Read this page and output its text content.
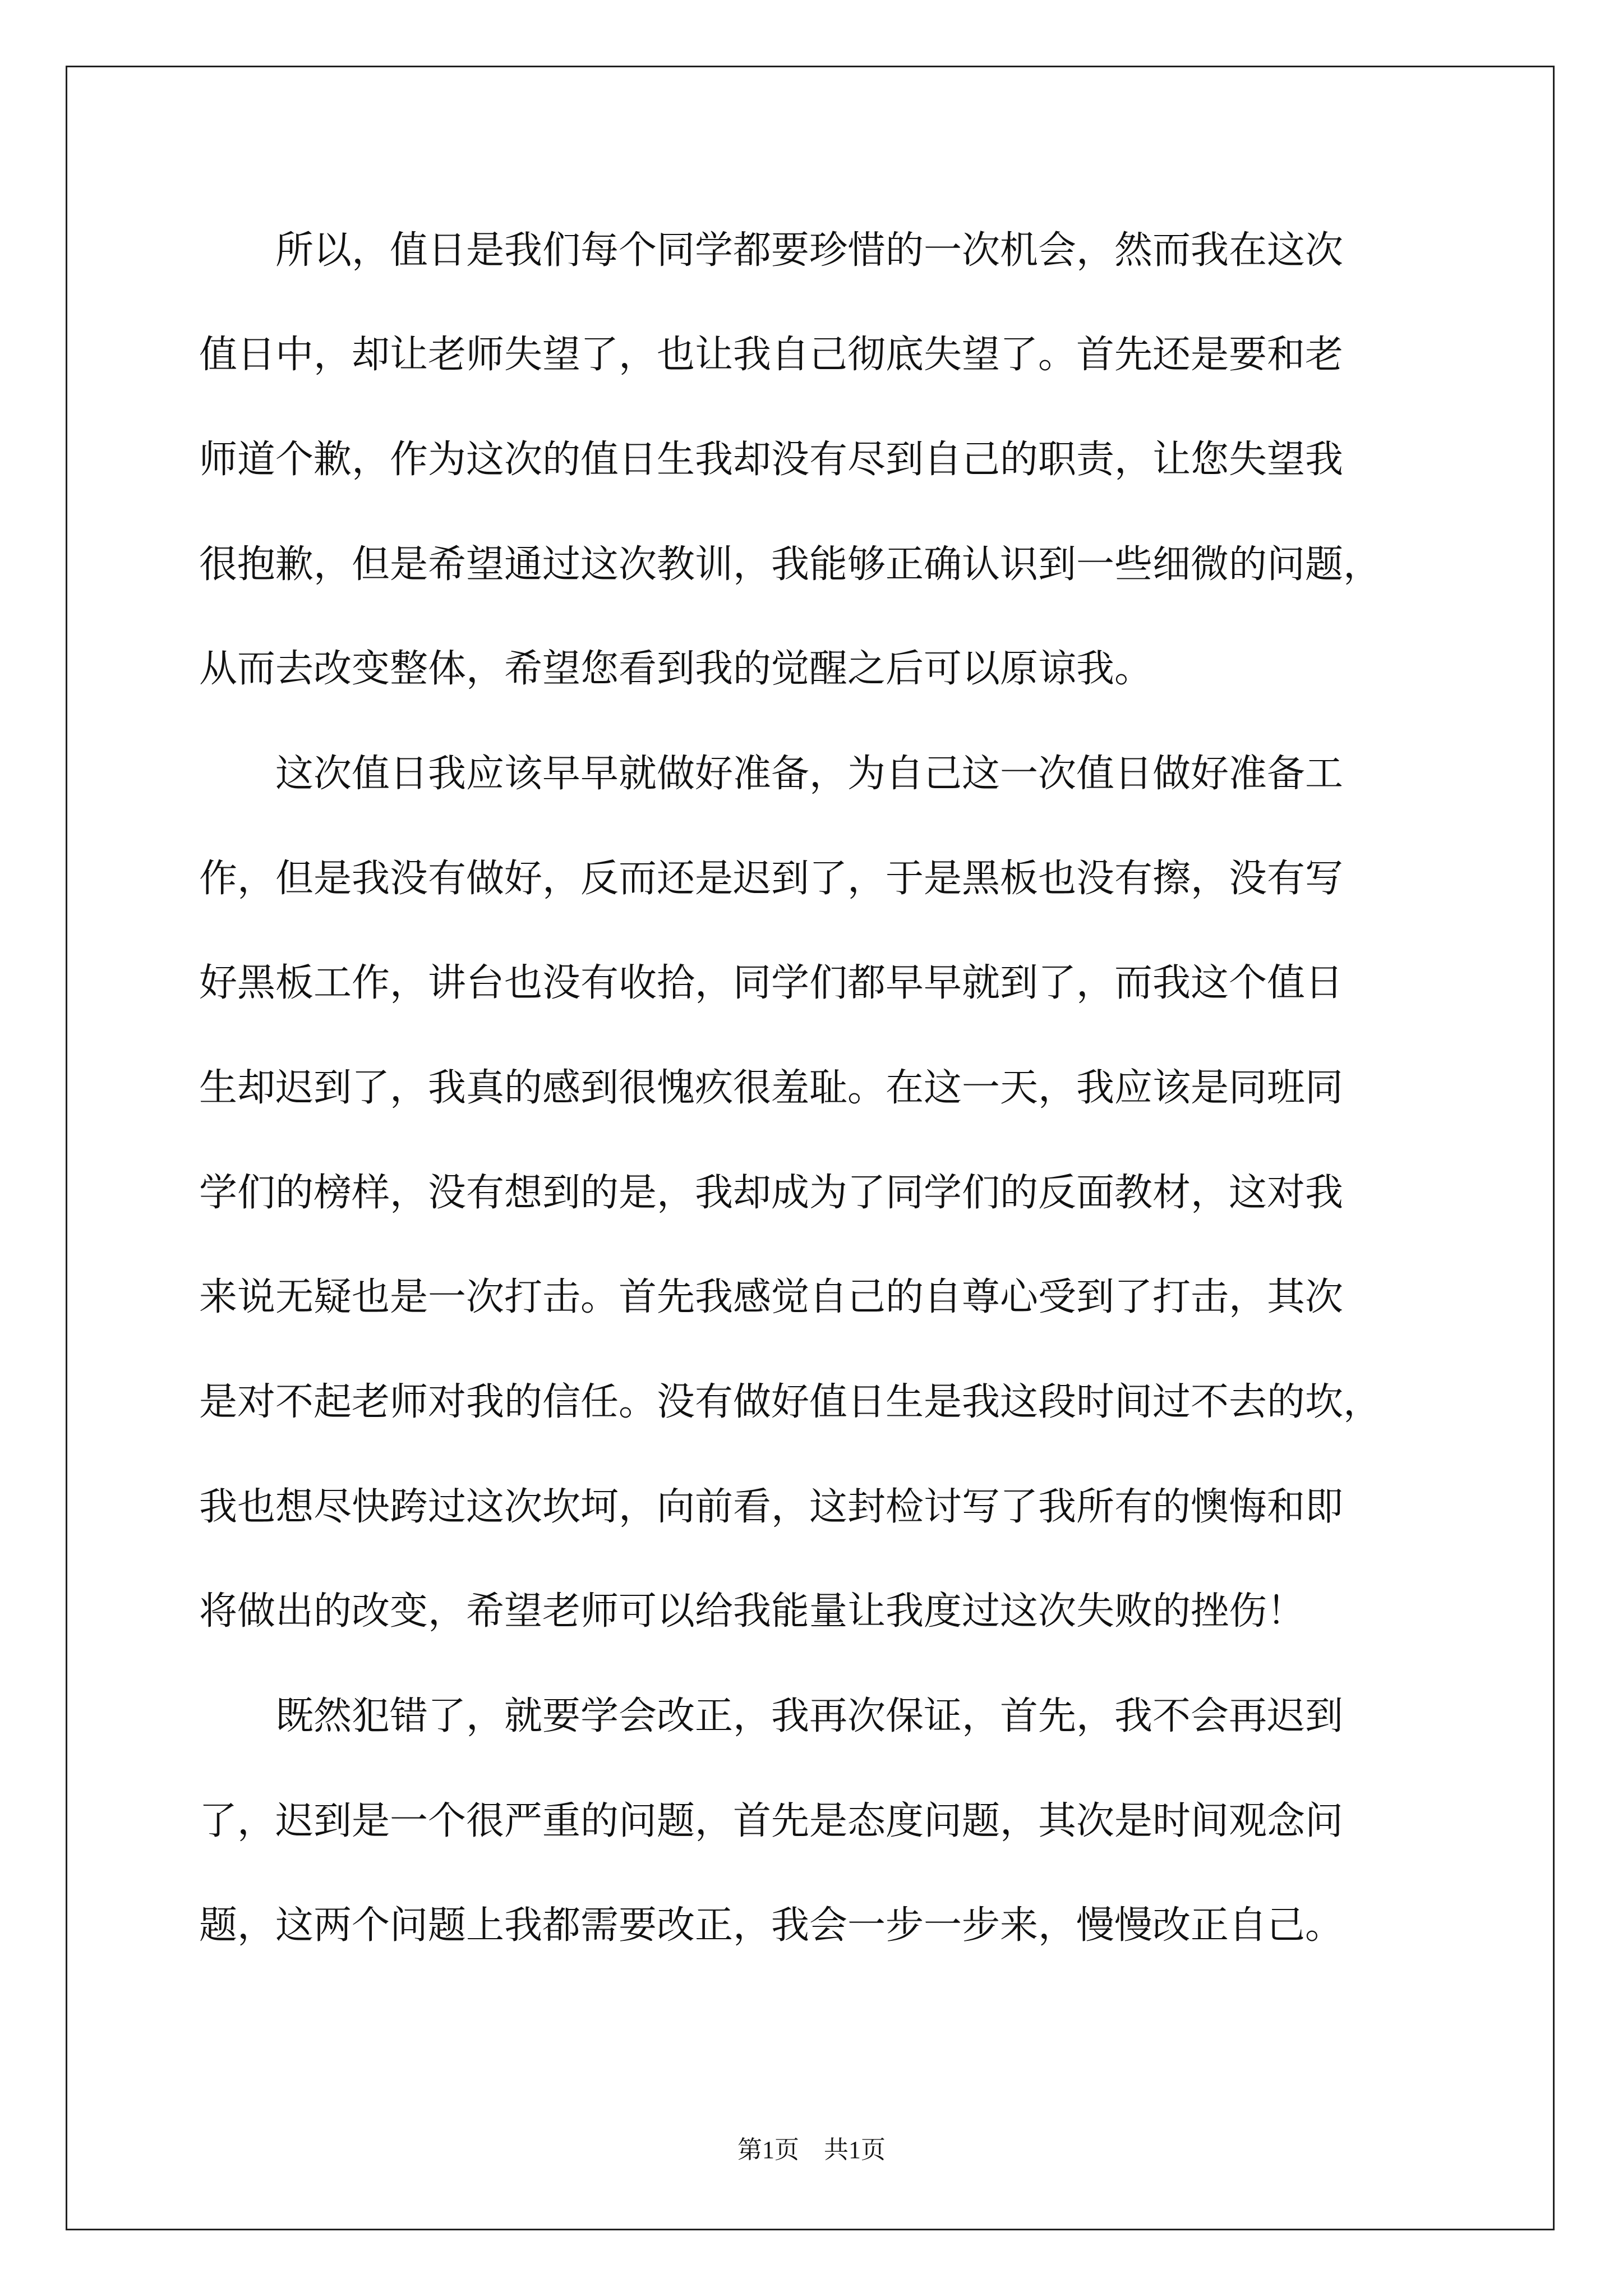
　　所以，值日是我们每个同学都要珍惜的一次机会，然而我在这次
值日中，却让老师失望了，也让我自己彻底失望了。首先还是要和老
师道个歉，作为这次的值日生我却没有尽到自己的职责，让您失望我
很抱歉，但是希望通过这次教训，我能够正确认识到一些细微的问题，
从而去改变整体，希望您看到我的觉醒之后可以原谅我。
　　这次值日我应该早早就做好准备，为自己这一次值日做好准备工
作，但是我没有做好，反而还是迟到了，于是黑板也没有擦，没有写
好黑板工作，讲台也没有收拾，同学们都早早就到了，而我这个值日
生却迟到了，我真的感到很愧疚很羞耻。在这一天，我应该是同班同
学们的榜样，没有想到的是，我却成为了同学们的反面教材，这对我
来说无疑也是一次打击。首先我感觉自己的自尊心受到了打击，其次
是对不起老师对我的信任。没有做好值日生是我这段时间过不去的坎，
我也想尽快跨过这次坎坷，向前看，这封检讨写了我所有的懊悔和即
将做出的改变，希望老师可以给我能量让我度过这次失败的挫伤！
　　既然犯错了，就要学会改正，我再次保证，首先，我不会再迟到
了，迟到是一个很严重的问题，首先是态度问题，其次是时间观念问
题，这两个问题上我都需要改正，我会一步一步来，慢慢改正自己。
第1页　共1页
